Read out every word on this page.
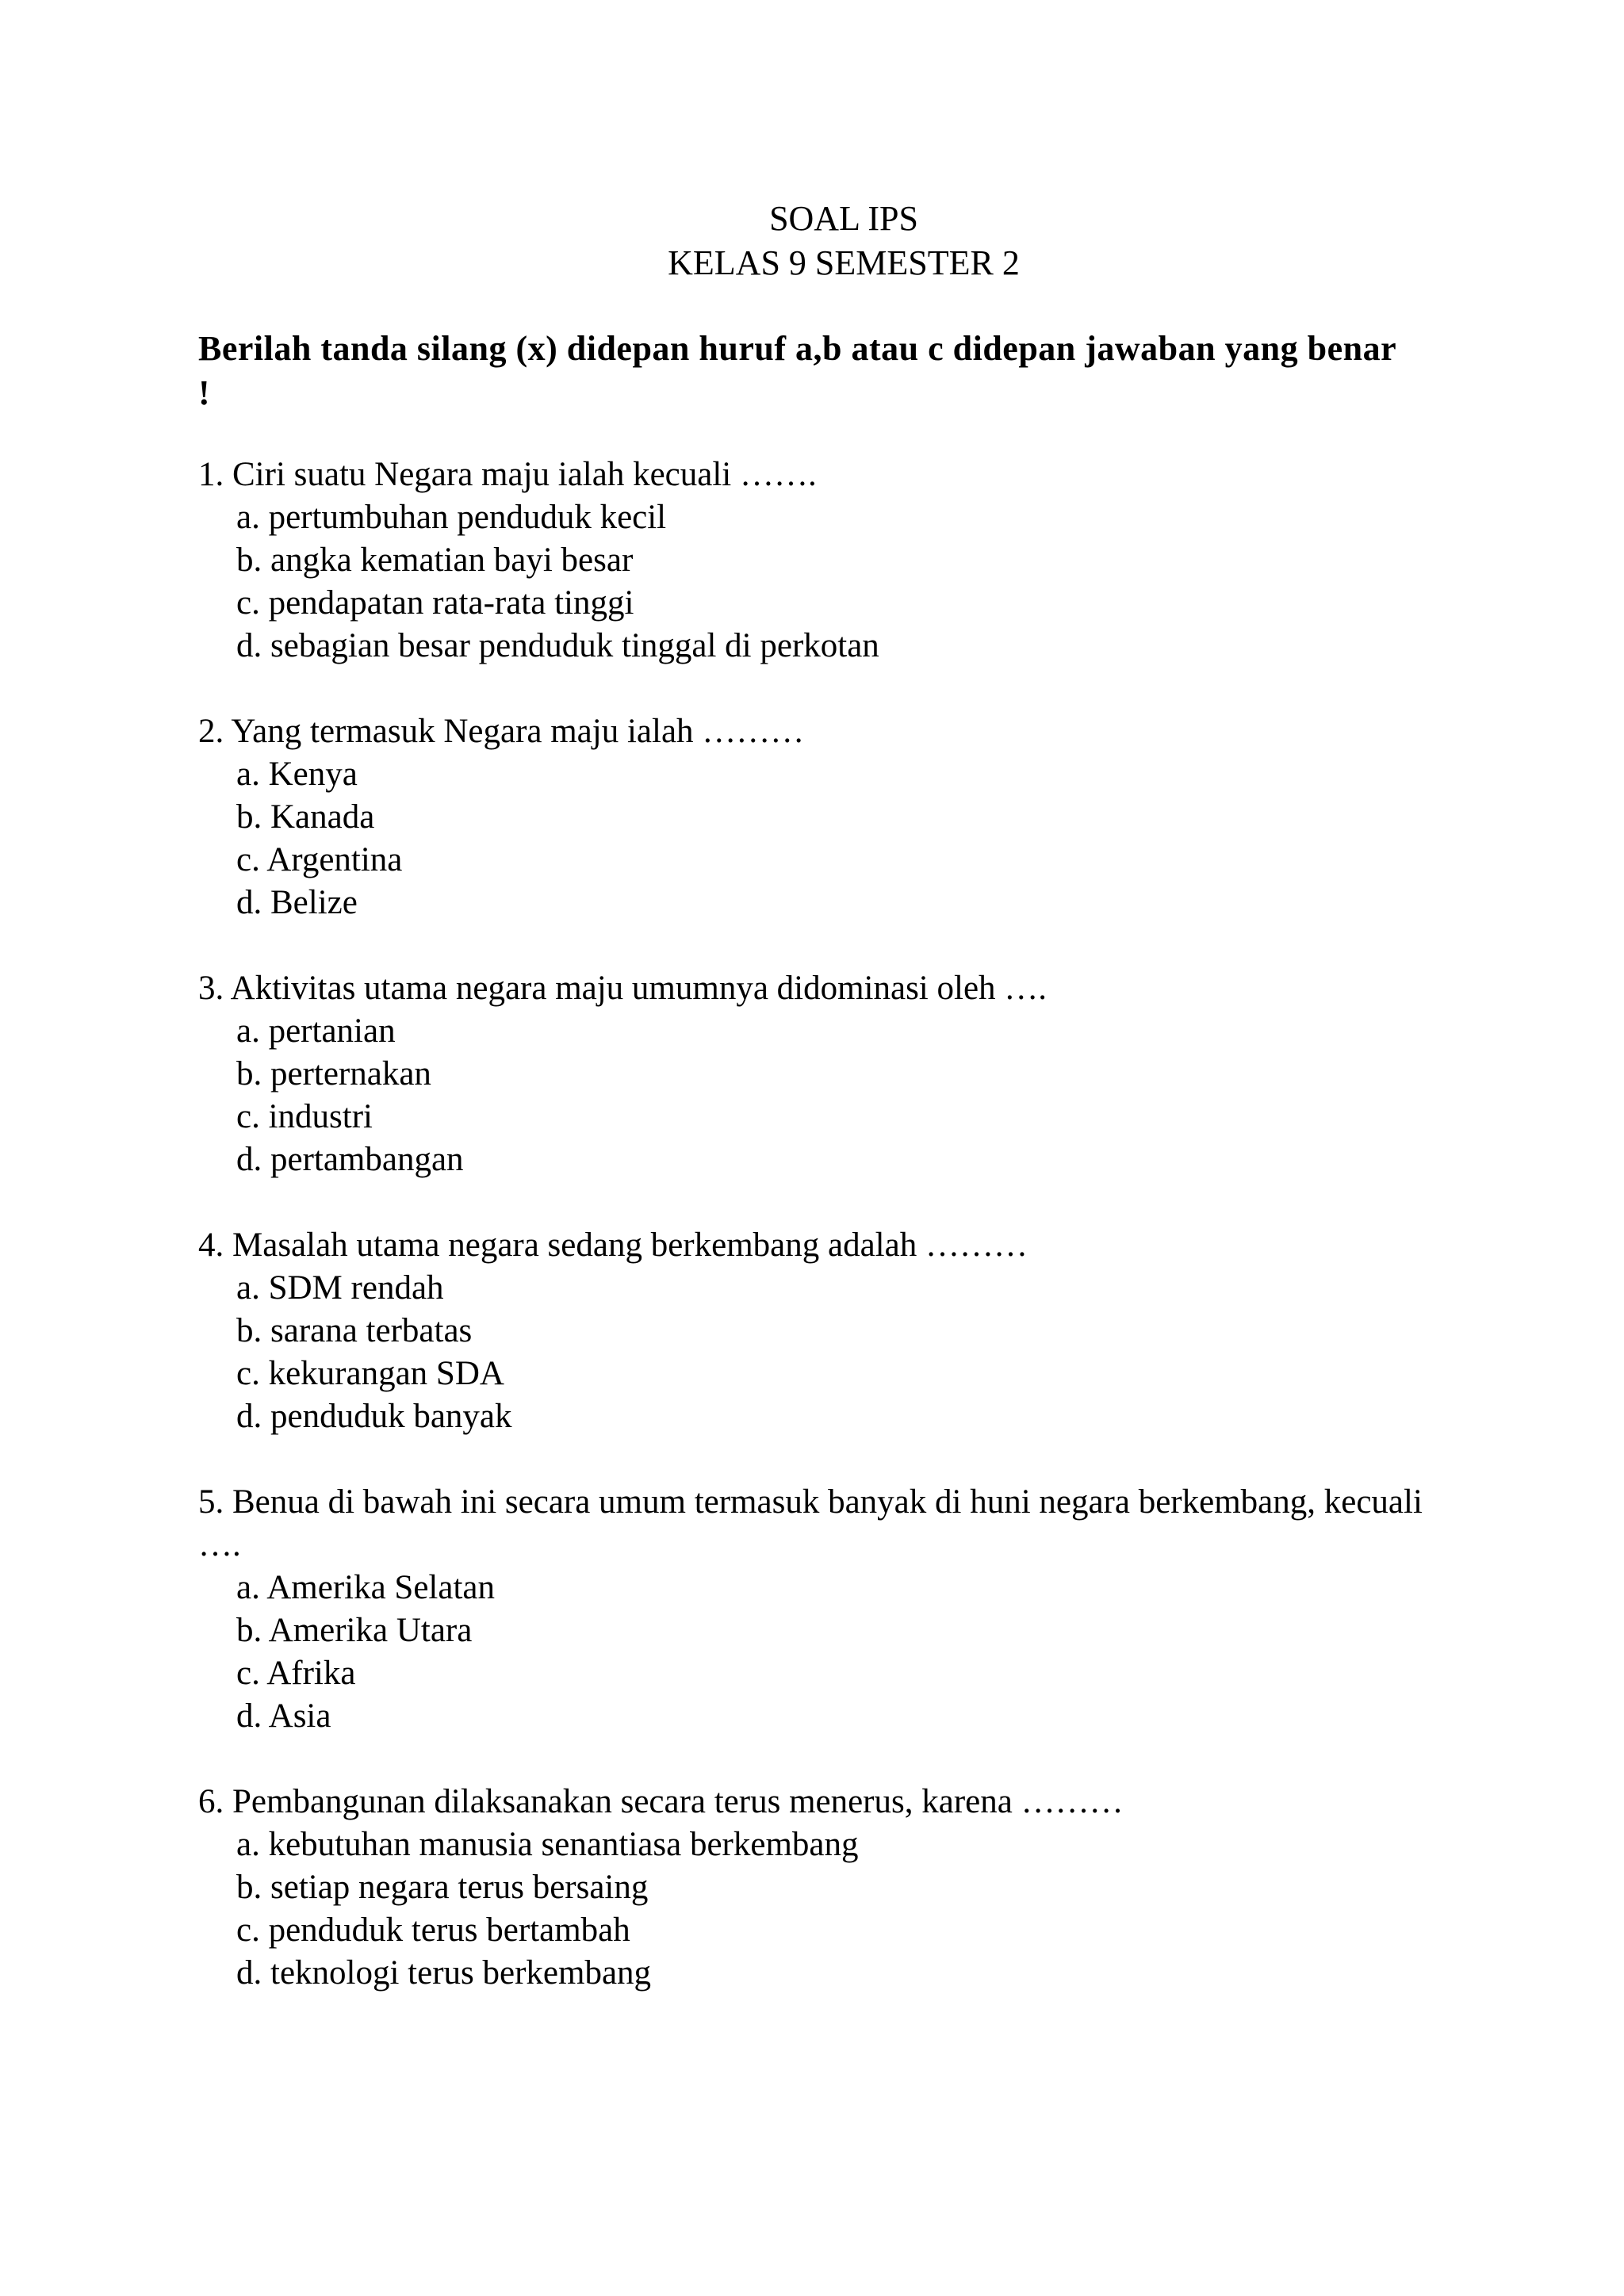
SOAL IPS
KELAS 9 SEMESTER 2

Berilah tanda silang (x) didepan huruf a,b atau c didepan jawaban yang benar !

1. Ciri suatu Negara maju ialah kecuali …….
a. pertumbuhan penduduk kecil
b. angka kematian bayi besar
c. pendapatan rata-rata tinggi
d. sebagian besar penduduk tinggal di perkotan
2. Yang termasuk Negara maju ialah ………
a. Kenya
b. Kanada
c. Argentina
d. Belize
3. Aktivitas utama negara maju umumnya didominasi oleh ….
a. pertanian
b. perternakan
c. industri
d. pertambangan
4. Masalah utama negara sedang berkembang adalah ………
a. SDM rendah
b. sarana terbatas
c. kekurangan SDA
d. penduduk banyak
5. Benua di bawah ini secara umum termasuk banyak di huni negara berkembang, kecuali ….
a. Amerika Selatan
b. Amerika Utara
c. Afrika
d. Asia
6. Pembangunan dilaksanakan secara terus menerus, karena ………
a. kebutuhan manusia senantiasa berkembang
b. setiap negara terus bersaing
c. penduduk terus bertambah
d. teknologi terus berkembang
